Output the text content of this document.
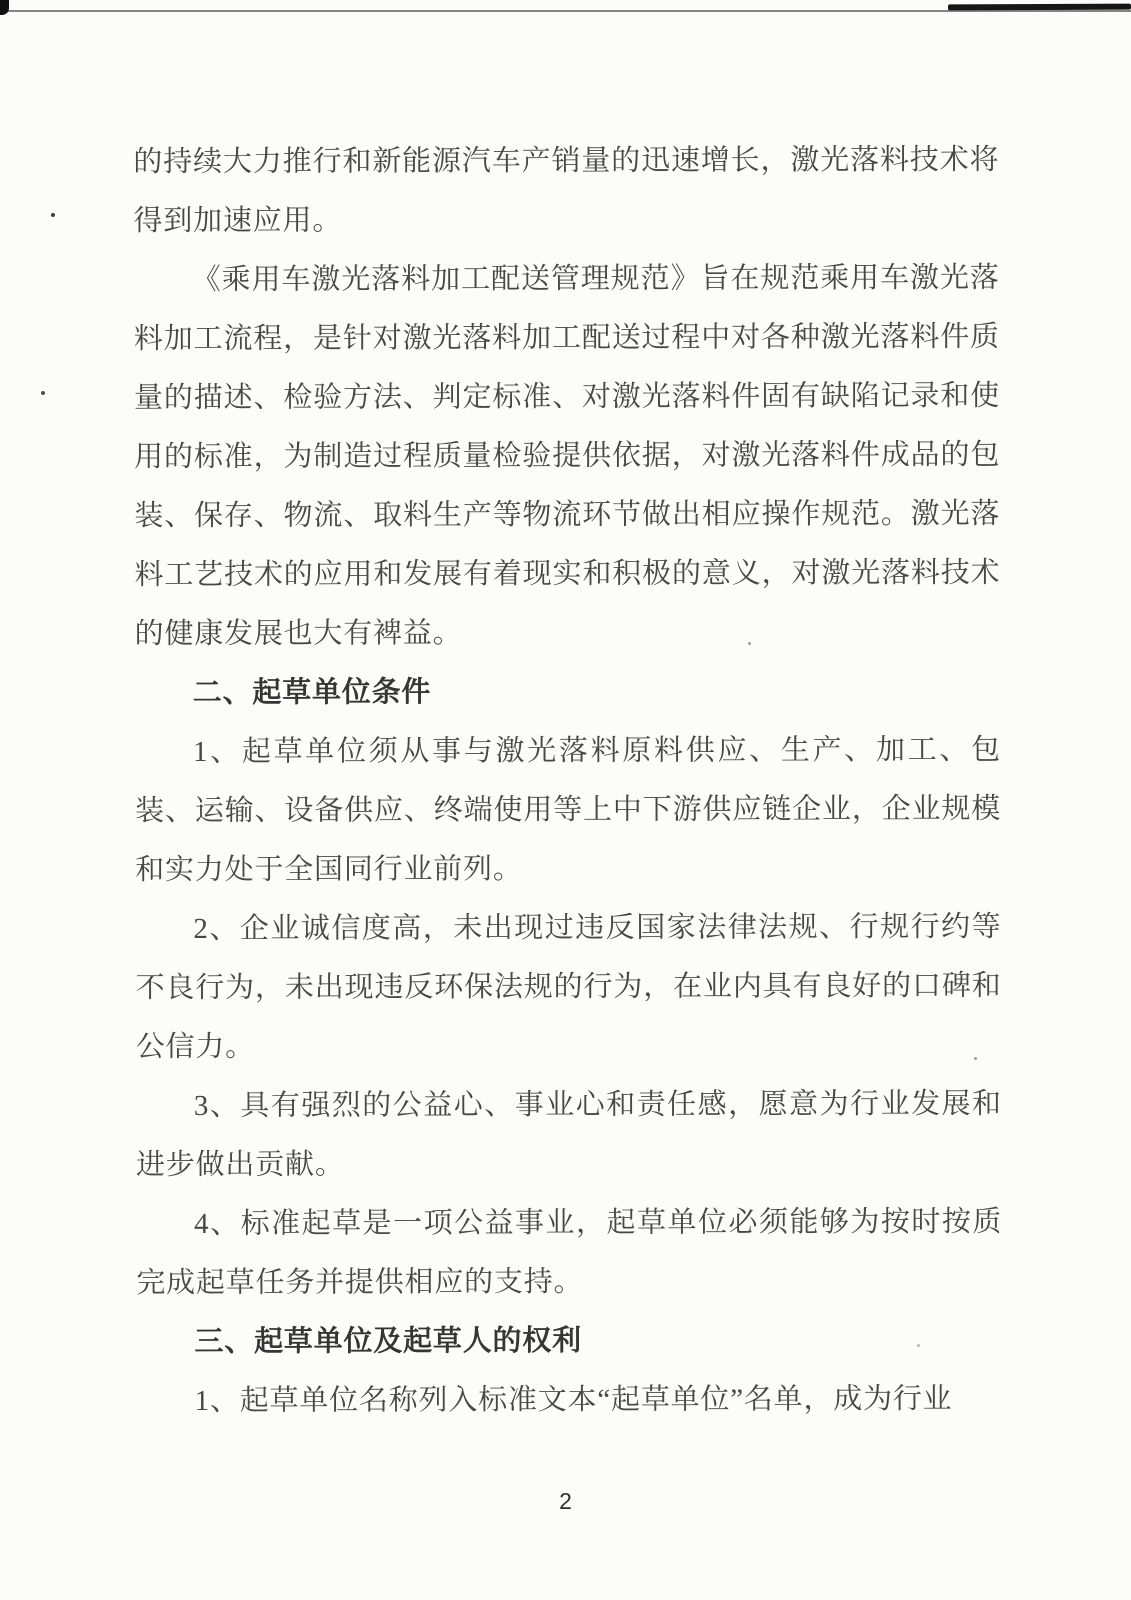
的持续大力推行和新能源汽车产销量的迅速增长，激光落料技术将得到加速应用。

《乘用车激光落料加工配送管理规范》旨在规范乘用车激光落料加工流程，是针对激光落料加工配送过程中对各种激光落料件质量的描述、检验方法、判定标准、对激光落料件固有缺陷记录和使用的标准，为制造过程质量检验提供依据，对激光落料件成品的包装、保存、物流、取料生产等物流环节做出相应操作规范。激光落料工艺技术的应用和发展有着现实和积极的意义，对激光落料技术的健康发展也大有裨益。

二、起草单位条件

1、起草单位须从事与激光落料原料供应、生产、加工、包装、运输、设备供应、终端使用等上中下游供应链企业，企业规模和实力处于全国同行业前列。

2、企业诚信度高，未出现过违反国家法律法规、行规行约等不良行为，未出现违反环保法规的行为，在业内具有良好的口碑和公信力。

3、具有强烈的公益心、事业心和责任感，愿意为行业发展和进步做出贡献。

4、标准起草是一项公益事业，起草单位必须能够为按时按质完成起草任务并提供相应的支持。

三、起草单位及起草人的权利

1、起草单位名称列入标准文本“起草单位”名单，成为行业

2
